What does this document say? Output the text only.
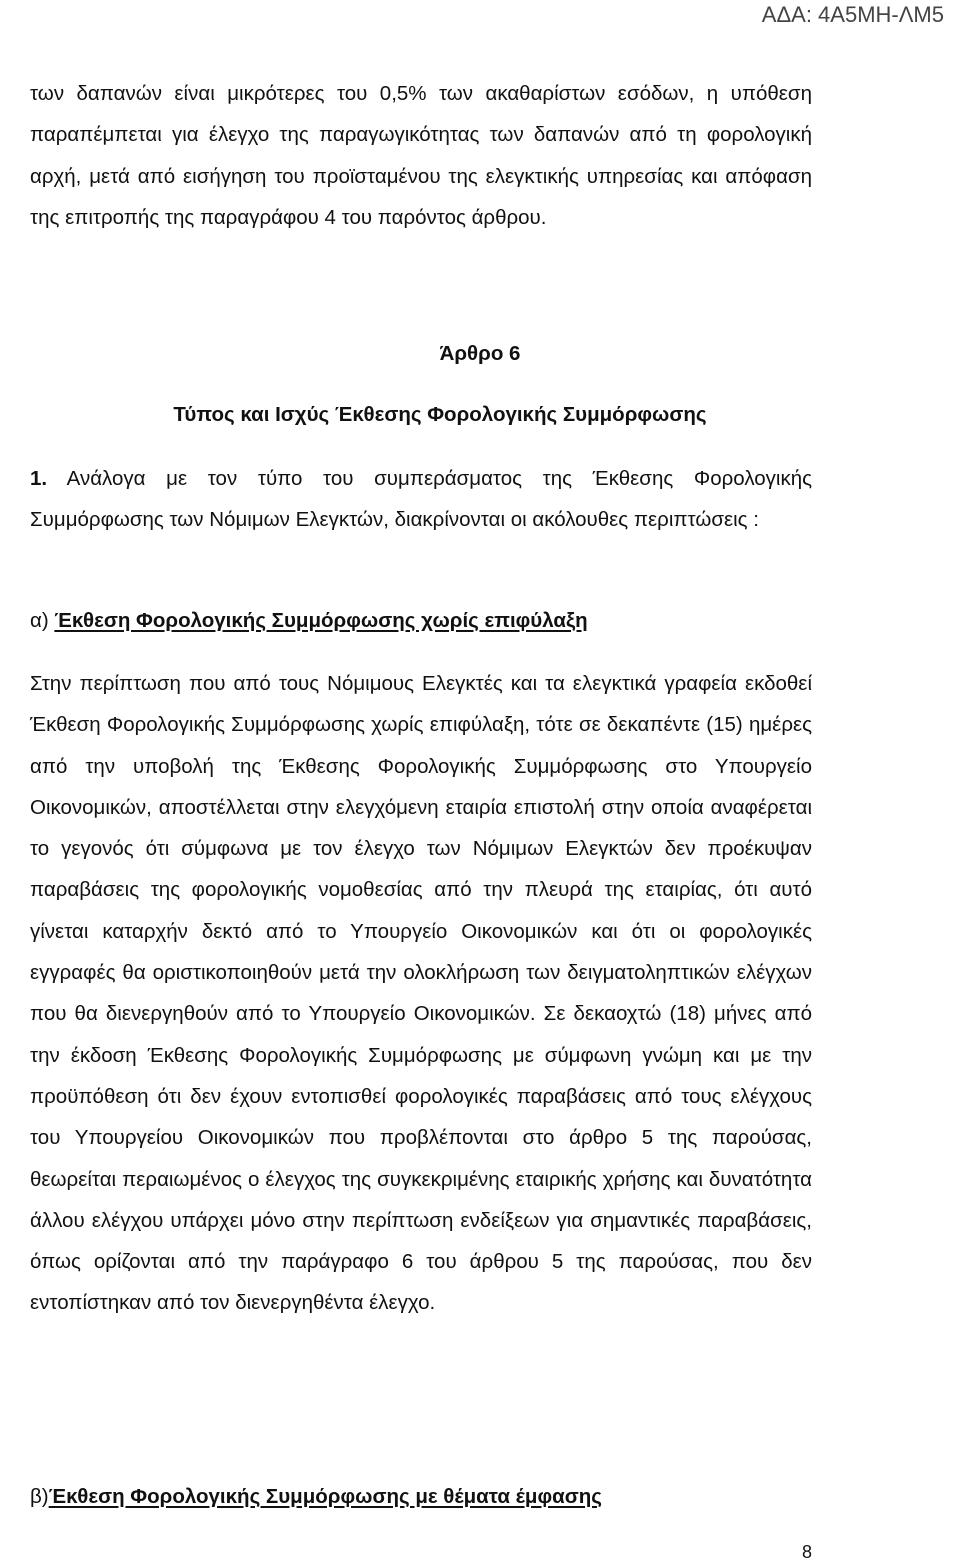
ΑΔΑ: 4Α5ΜΗ-ΛΜ5

των δαπανών είναι μικρότερες του 0,5% των ακαθαρίστων εσόδων, η υπόθεση παραπέμπεται για έλεγχο της παραγωγικότητας των δαπανών από τη φορολογική αρχή, μετά από εισήγηση του προϊσταμένου της ελεγκτικής υπηρεσίας και απόφαση της επιτροπής της παραγράφου 4 του παρόντος άρθρου.

Άρθρο 6
Τύπος και Ισχύς Έκθεσης Φορολογικής Συμμόρφωσης

1. Ανάλογα με τον τύπο του συμπεράσματος της Έκθεσης Φορολογικής Συμμόρφωσης των Νόμιμων Ελεγκτών, διακρίνονται οι ακόλουθες περιπτώσεις :

α) Έκθεση Φορολογικής Συμμόρφωσης χωρίς επιφύλαξη

Στην περίπτωση που από τους Νόμιμους Ελεγκτές και τα ελεγκτικά γραφεία εκδοθεί Έκθεση Φορολογικής Συμμόρφωσης χωρίς επιφύλαξη, τότε σε δεκαπέντε (15) ημέρες από την υποβολή της Έκθεσης Φορολογικής Συμμόρφωσης στο Υπουργείο Οικονομικών, αποστέλλεται στην ελεγχόμενη εταιρία επιστολή στην οποία αναφέρεται το γεγονός ότι σύμφωνα με τον έλεγχο των Νόμιμων Ελεγκτών δεν προέκυψαν παραβάσεις της φορολογικής νομοθεσίας από την πλευρά της εταιρίας, ότι αυτό γίνεται καταρχήν δεκτό από το Υπουργείο Οικονομικών και ότι οι φορολογικές εγγραφές θα οριστικοποιηθούν μετά την ολοκλήρωση των δειγματοληπτικών ελέγχων που θα διενεργηθούν από το Υπουργείο Οικονομικών. Σε δεκαοχτώ (18) μήνες από την έκδοση Έκθεσης Φορολογικής Συμμόρφωσης με σύμφωνη γνώμη και με την προϋπόθεση ότι δεν έχουν εντοπισθεί φορολογικές παραβάσεις από τους ελέγχους του Υπουργείου Οικονομικών που προβλέπονται στο άρθρο 5 της παρούσας, θεωρείται περαιωμένος ο έλεγχος της συγκεκριμένης εταιρικής χρήσης και δυνατότητα άλλου ελέγχου υπάρχει μόνο στην περίπτωση ενδείξεων για σημαντικές παραβάσεις, όπως ορίζονται από την παράγραφο 6 του άρθρου 5 της παρούσας, που δεν εντοπίστηκαν από τον διενεργηθέντα έλεγχο.

β)Έκθεση Φορολογικής Συμμόρφωσης με θέματα έμφασης
8
